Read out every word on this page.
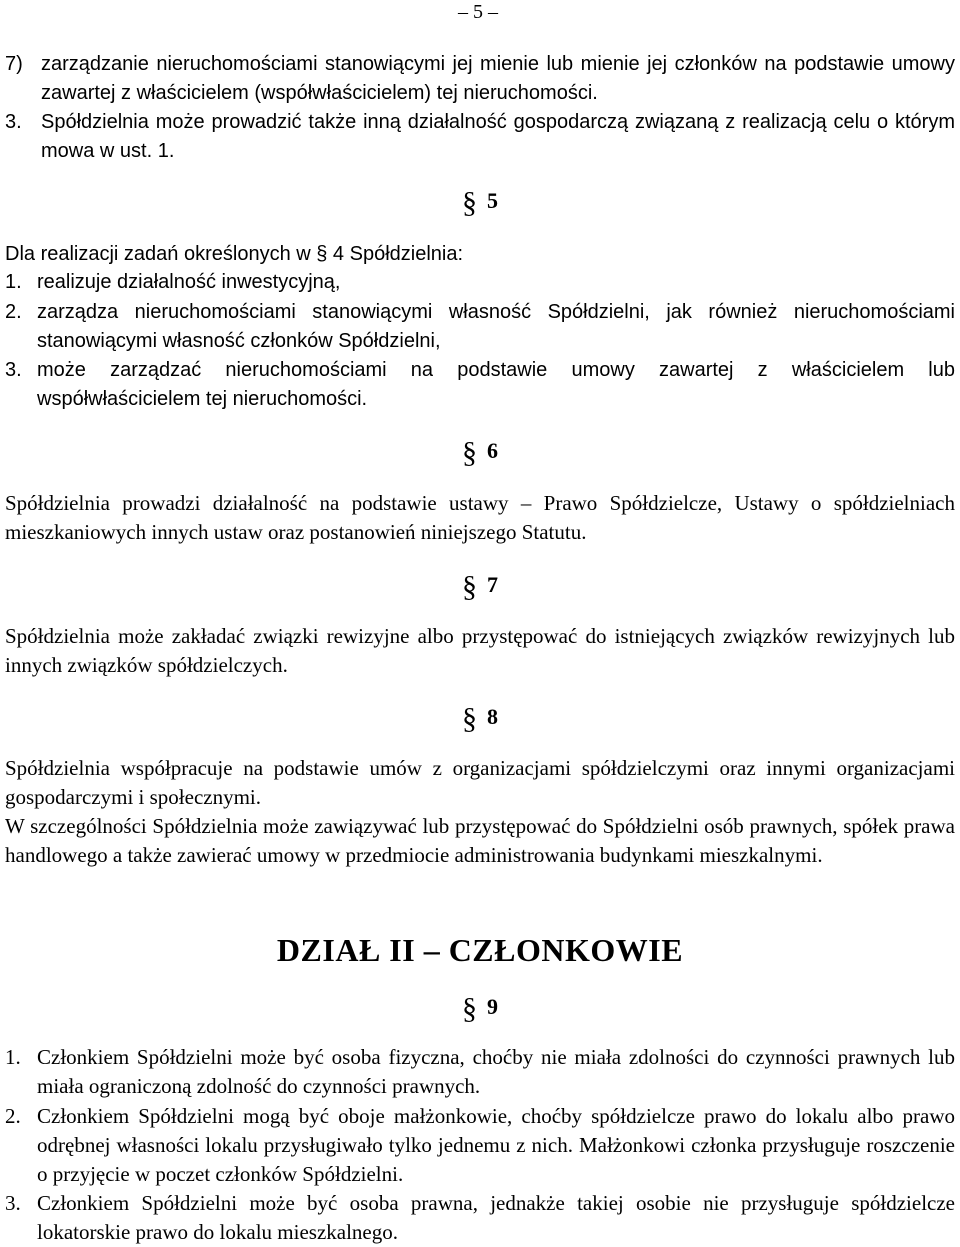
– 5 –
7) zarządzanie nieruchomościami stanowiącymi jej mienie lub mienie jej członków na podstawie umowy zawartej z właścicielem (współwłaścicielem) tej nieruchomości.

3. Spółdzielnia może prowadzić także inną działalność gospodarczą związaną z realizacją celu o którym mowa w ust. 1.

§ 5

Dla realizacji zadań określonych w § 4 Spółdzielnia:

1. realizuje działalność inwestycyjną,

2. zarządza nieruchomościami stanowiącymi własność Spółdzielni, jak również nieruchomościami stanowiącymi własność członków Spółdzielni,

3. może zarządzać nieruchomościami na podstawie umowy zawartej z właścicielem lub współwłaścicielem tej nieruchomości.

§ 6

Spółdzielnia prowadzi działalność na podstawie ustawy – Prawo Spółdzielcze, Ustawy o spółdzielniach mieszkaniowych innych ustaw oraz postanowień niniejszego Statutu.

§ 7

Spółdzielnia może zakładać związki rewizyjne albo przystępować do istniejących związków rewizyjnych lub innych związków spółdzielczych.

§ 8

Spółdzielnia współpracuje na podstawie umów z organizacjami spółdzielczymi oraz innymi organizacjami gospodarczymi i społecznymi.

W szczególności Spółdzielnia może zawiązywać lub przystępować do Spółdzielni osób prawnych, spółek prawa handlowego a także zawierać umowy w przedmiocie administrowania budynkami mieszkalnymi.

DZIAŁ II – CZŁONKOWIE
§ 9
1. Członkiem Spółdzielni może być osoba fizyczna, choćby nie miała zdolności do czynności prawnych lub miała ograniczoną zdolność do czynności prawnych.

2. Członkiem Spółdzielni mogą być oboje małżonkowie, choćby spółdzielcze prawo do lokalu albo prawo odrębnej własności lokalu przysługiwało tylko jednemu z nich. Małżonkowi członka przysługuje roszczenie o przyjęcie w poczet członków Spółdzielni.

3. Członkiem Spółdzielni może być osoba prawna, jednakże takiej osobie nie przysługuje spółdzielcze lokatorskie prawo do lokalu mieszkalnego.
